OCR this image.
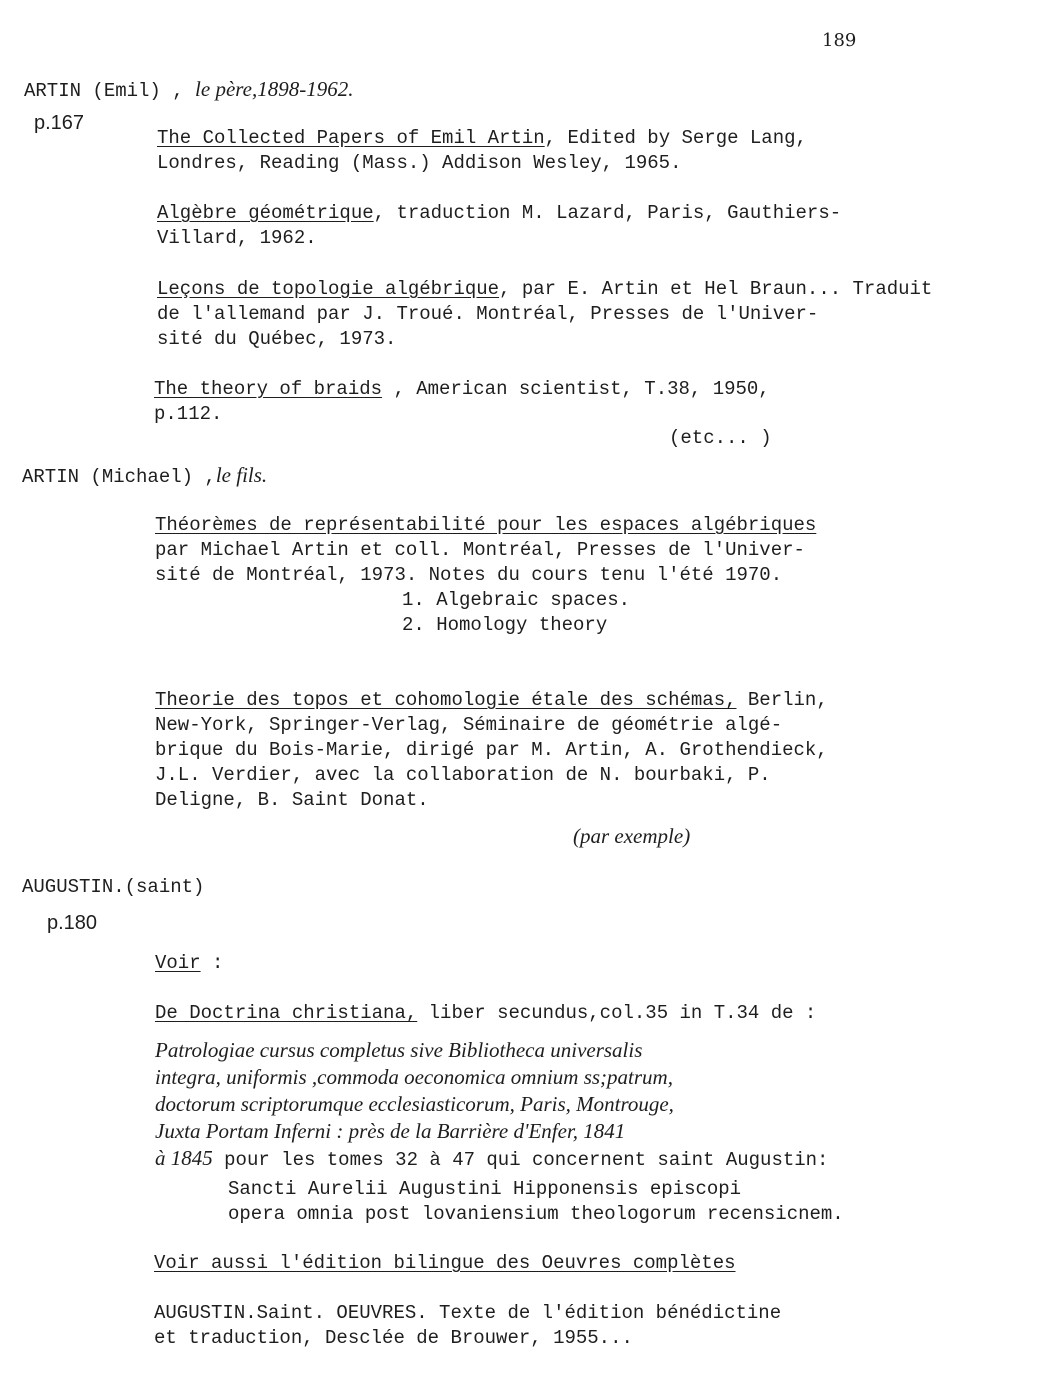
189
ARTIN (Emil) , le père,1898-1962.
p.167
The Collected Papers of Emil Artin, Edited by Serge Lang,
Londres, Reading (Mass.) Addison Wesley, 1965.
Algèbre géométrique, traduction M. Lazard, Paris, Gauthiers-
Villard, 1962.
Leçons de topologie algébrique, par E. Artin et Hel Braun... Traduit
de l'allemand par J. Troué. Montréal, Presses de l'Univer-
sité du Québec, 1973.
The theory of braids , American scientist, T.38, 1950,
p.112.
(etc... )
ARTIN (Michael) ,le fils.
Théorèmes de représentabilité pour les espaces algébriques
par Michael Artin et coll. Montréal, Presses de l'Univer-
sité de Montréal, 1973. Notes du cours tenu l'été 1970.
1. Algebraic spaces.
2. Homology theory
Theorie des topos et cohomologie étale des schémas, Berlin,
New-York, Springer-Verlag, Séminaire de géométrie algé-
brique du Bois-Marie, dirigé par M. Artin, A. Grothendieck,
J.L. Verdier, avec la collaboration de N. bourbaki, P.
Deligne, B. Saint Donat.
(par exemple)
AUGUSTIN.(saint)
p.180
Voir :
De Doctrina christiana, liber secundus,col.35 in T.34 de :
Patrologiae cursus completus sive Bibliotheca universalis
integra, uniformis ,commoda oeconomica omnium ss;patrum,
doctorum scriptorumque ecclesiasticorum, Paris, Montrouge,
Juxta Portam Inferni : près de la Barrière d'Enfer, 1841
à 1845 pour les tomes 32 à 47 qui concernent saint Augustin:
Sancti Aurelii Augustini Hipponensis episcopi
opera omnia post lovaniensium theologorum recensicnem.
Voir aussi l'édition bilingue des Oeuvres complètes
AUGUSTIN.Saint. OEUVRES. Texte de l'édition bénédictine
et traduction, Desclée de Brouwer, 1955...
